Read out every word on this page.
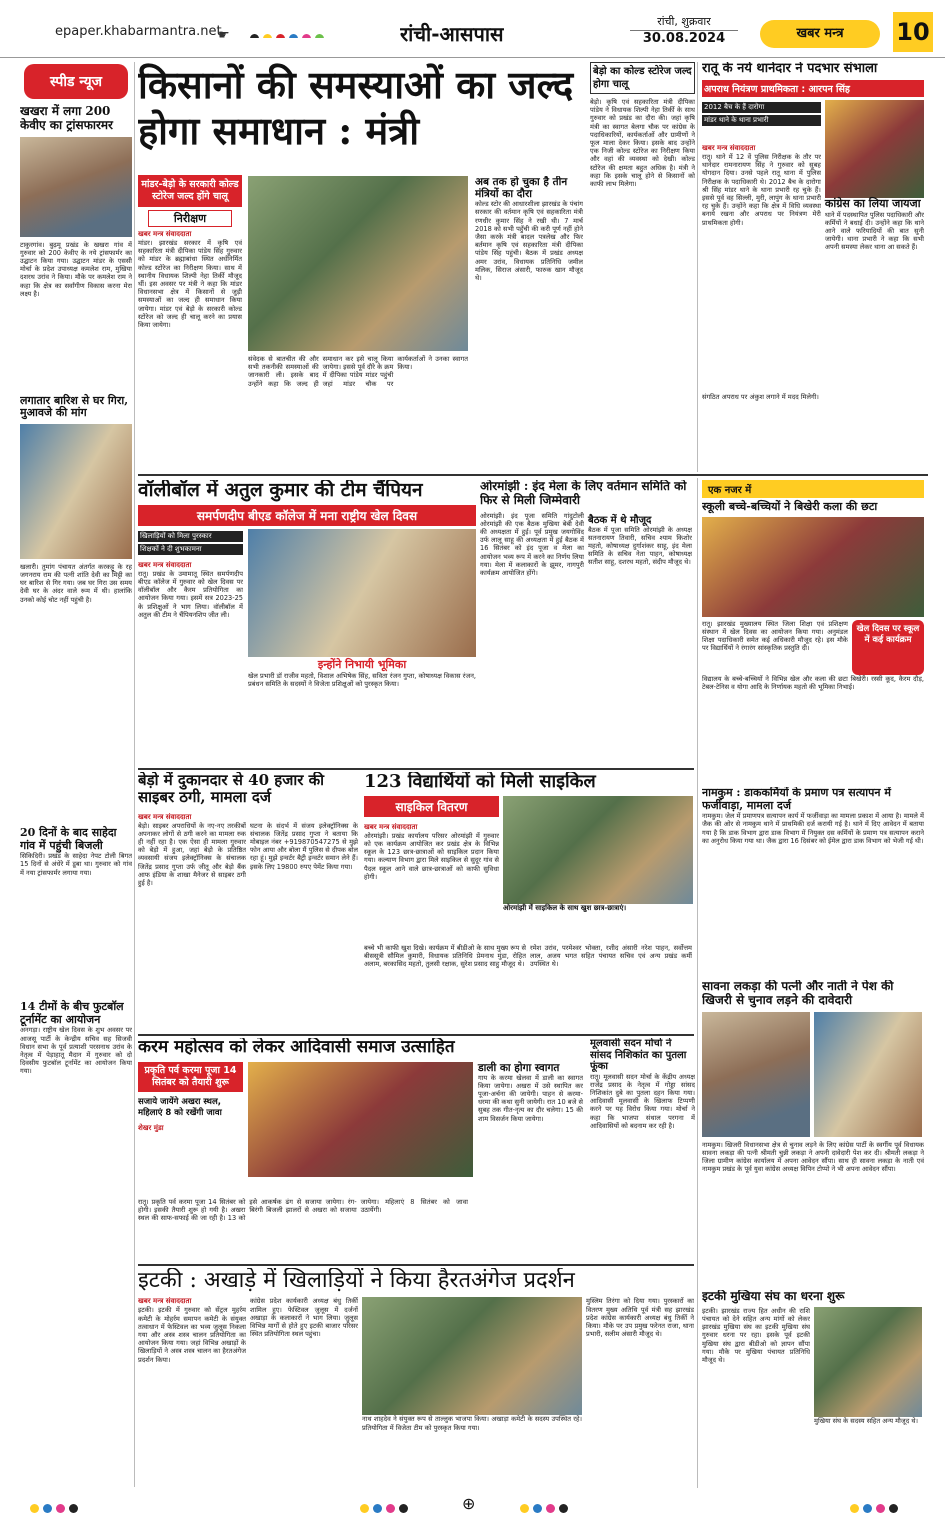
epaper.khabarmantra.net
☛	रांची-आसपास
रांची, शुक्रवार
30.08.2024	खबर मन्त्र	10
स्पीड न्यूज
खखरा में लगा 200 केवीए का ट्रांसफारमर
टाकुरगांव। बुढ़मू प्रखंड के खखरा गांव में गुरुवार को 200 केवीए के नये ट्रांसफार्मर का उद्घाटन किया गया। उद्घाटन मांडर के एससी मोर्चा के प्रदेश उपाध्यक्ष कमलेश राम, मुखिया दशरथ उरांव ने किया। मौके पर कमलेश राम ने कहा कि क्षेत्र का सर्वांगीण विकास करना मेरा लक्ष्य है।
लगातार बारिश से घर गिरा, मुआवजे की मांग
खलारी। तुमांग पंचायत अंतर्गत करकट्टू के रह जगनराय राम की पत्नी शांति देवी का मिट्टी का घर बारिश से गिर गया। जब घर गिरा उस समय देवी घर के अंदर वाले रूम में थी। हालांकि उनको कोई चोट नहीं पहुंची है।
20 दिनों के बाद साहेदा गांव में पहुंची बिजली
सिकिदिरी। प्रखंड के साहेदा नेपट टोली बिगत 15 दिनों से अंधेरे में डूबा था। गुरुवार को गांव में नया ट्रांसफार्मर लगाया गया।
14 टीमों के बीच फुटबॉल टूर्नामेंट का आयोजन
अनगड़ा। राष्ट्रीय खेल दिवस के शुभ अवसर पर आजसू पार्टी के केन्द्रीय सचिव सह सिजवी विधान सभा के पूर्व प्रत्याशी परसनाथ उरांव के नेतृत्व में पेड़ाहातू मैदान में गुरुवार को दो दिवसीय फुटबॉल टूर्नामेंट का आयोजन किया गया।
किसानों की समस्याओं का जल्द होगा समाधान : मंत्री
मांडर-बेड़ो के सरकारी कोल्ड स्टोरेज जल्द होंगे चालू
निरीक्षण
खबर मन्त्र संवाददाता
मांडर। झारखंड सरकार में कृषि एवं सहकारिता मंत्री दीपिका पांडेय सिंह गुरुवार को मांडर के ब्रह्माबांधा स्थित अर्धनिर्मित कोल्ड स्टोरेज का निरीक्षण किया। साथ में स्थानीय विधायक शिल्पी नेहा तिर्की मौजूद थीं। इस अवसर पर मंत्री ने कहा कि मांडर विधानसभा क्षेत्र में किसानों से जुड़ी समस्याओं का जल्द ही समाधान किया जायेगा। मांडर एवं बेड़ो के सरकारी कोल्ड स्टोरेज को जल्द ही चालू करने का प्रयास किया जायेगा।
संवेदक से बातचीत की और सभी तकनीकी समस्याओं की जानकारी ली। इसके बाद उन्होंने कहा कि जल्द ही समाधान कर इसे चालू किया जायेगा। इससे पूर्व दौरे के क्रम में दीपिका पांडेय मांडर पहुंची जहां मांडर चौक पर कार्यकर्ताओं ने उनका स्वागत किया।
अब तक हो चुका है तीन मंत्रियों का दौरा
कोल्ड स्टोर की आधारशीला झारखंड के पंचांग सरकार की वर्तमान कृषि एवं सहकारिता मंत्री रणधीर कुमार सिंह ने रखी थी। 7 मार्च 2018 को सभी पहुँची की करी पूर्ण नहीं होने जैसा करके मंत्री बादल पत्रलेख और फिर बर्तमान कृषि एवं सहकारिता मंत्री दीपिका पांडेय सिंह पहुंची। बैठक में प्रखंड अध्यक्ष अमर उरांव, विधायक प्रतिनिधि जमील मलिक, सिराज अंसारी, फारुक खान मौजूद थे।
बेड़ो का कोल्ड स्टोरेज जल्द होगा चालू
बेड़ो। कृषि एवं सहकारिता मंत्री दीपिका पांडेय ने विधायक शिल्पी नेहा तिर्की के साथ गुरुवार को प्रखंड का दौरा की। जहां कृषि मंत्री का स्वागत बेलगा चौक पर कांग्रेस के पदाधिकारियों, कार्यकर्ताओं और ग्रामीणों ने फूल माला देकर किया। इसके बाद उन्होंने एक निजी कोल्ड स्टोरेज का निरीक्षण किया और वहां की व्यवस्था को देखी। कोल्ड स्टोरेज की क्षमता बहुत अधिक है। मंत्री ने कहा कि इसके चालू होने से किसानों को काफी लाभ मिलेगा।
रातू के नये थानेदार ने पदभार संभाला
अपराध नियंत्रण प्राथमिकता : आरपन सिंह
2012 बैच के हैं दारोगा
मांडर थाने के थाना प्रभारी
खबर मन्त्र संवाददाता
रातू। थाने में 12 वें पुलिस निरीक्षक के तौर पर थानेदार रामनारायण सिंह ने गुरुवार को सुबह योगदान दिया। उनसे पहले रातू थाना में पुलिस निरीक्षक के पदाधिकारी थे। 2012 बैच के दारोगा श्री सिंह मांडर थाने के थाना प्रभारी रह चुके हैं। इससे पूर्व वह सिल्ली, मुरी, लापुंग के थाना प्रभारी रह चुके हैं। उन्होंने कहा कि क्षेत्र में विधि व्यवस्था बनाये रखना और अपराध पर नियंत्रण मेरी प्राथमिकता होगी।
कांग्रेस का लिया जायजा
थाने में पदस्थापित पुलिस पदाधिकारी और कर्मियों ने बधाई दी। उन्होंने कहा कि थाने आने वाले फरियादियों की बात सुनी जायेगी। थाना प्रभारी ने कहा कि सभी अपनी समस्या लेकर थाना आ सकते हैं।
संगठित अपराध पर अंकुश लगाने में मदद मिलेगी।
वॉलीबॉल में अतुल कुमार की टीम चैंपियन
समर्पणदीप बीएड कॉलेज में मना राष्ट्रीय खेल दिवस
खिलाड़ियों को मिला पुरस्कार
शिक्षकों ने दी शुभकामना
खबर मन्त्र संवाददाता
रातू। प्रखंड के उमामातू स्थित समर्पणदीप बीएड कॉलेज में गुरुवार को खेल दिवस पर वॉलीबॉल और कैरम प्रतियोगिता का आयोजन किया गया। इसमें सत्र 2023-25 के प्रशिक्षुओं ने भाग लिया। वॉलीबॉल में अतुल की टीम ने चैंपियनशिप जीत ली।
इन्होंने निभायी भूमिका
खेल प्रभारी डॉ राजीव महतो, विशाल अभिषेक सिंह, सविता रंजन गुप्ता, कोषाध्यक्ष विकास रंजन, प्रबंधन समिति के सदस्यों ने विजेता प्रशिक्षुओं को पुरस्कृत किया।
ओरमांझी : इंद मेला के लिए वर्तमान समिति को फिर से मिली जिम्मेवारी
ओरमांझी। इंद पूजा समिति गांदुटोली ओरमांझी की एक बैठक मुखिया बेबी देवी की अध्यक्षता में हुई। पूर्व प्रमुख जयगोविंद उर्फ लालू साहू की अध्यक्षता में हुई बैठक में 16 सितंबर को इंद पूजा व मेला का आयोजन भव्य रूप में करने का निर्णय लिया गया। मेला में कलाकारों के झूमर, नागपुरी कार्यक्रम आयोजित होंगे।
बैठक में थे मौजूद
बैठक में पूजा समिति ओरमांझी के अध्यक्ष सतनारायण तिवारी, सचिव श्याम किशोर महतो, कोषाध्यक्ष दुर्गाशंकर साहू, इंद मेला समिति के सचिव नेता पाहन, कोषाध्यक्ष सतीश साहू, दशरथ महतो, संदीप मौजूद थे।
एक नजर में
स्कूली बच्चे-बच्चियों ने बिखेरी कला की छटा
रातू। झारखंड मुख्यालय स्थित जिला शिक्षा एवं प्रशिक्षण संस्थान में खेल दिवस का आयोजन किया गया। अनुमंडल शिक्षा पदाधिकारी समेत कई अधिकारी मौजूद रहे। इस मौके पर विद्यार्थियों ने रंगारंग सांस्कृतिक प्रस्तुति दी।
खेल दिवस पर स्कूल में कई कार्यक्रम
विद्यालय के बच्चे-बच्चियों ने विभिन्न खेल और कला की छटा बिखेरी। रस्सी कूद, कैरम दौड़, टेबल-टेनिस व योगा आदि के निर्णायक महतो की भूमिका निभाई।
नामकुम : डाककर्मियों के प्रमाण पत्र सत्यापन में फर्जीवाड़ा, मामला दर्ज
नामकुम। जेल में प्रमाणपत्र सत्यापन कार्य में फर्जीवाड़ा का मामला प्रकाश में आया है। मामले में जैक की ओर से नामकुम थाने में प्राथमिकी दर्ज करायी गई है। थाने में दिए आवेदन में बताया गया है कि डाक विभाग द्वारा डाक विभाग में नियुक्त दस कर्मियों के प्रमाण पत्र सत्यापन कराने का अनुरोध किया गया था। जैक द्वारा 16 दिसंबर को ईमेल द्वारा डाक विभाग को भेजी गई थी।
सावना लकड़ा की पत्नी और नाती ने पेश की खिजरी से चुनाव लड़ने की दावेदारी
नामकुम। खिजरी विधानसभा क्षेत्र से चुनाव लड़ने के लिए कांग्रेस पार्टी के स्वर्गीय पूर्व विधायक सावना लकड़ा की पत्नी श्रीमती चुन्नी लकड़ा ने अपनी दावेदारी पेश कर दी। श्रीमती लकड़ा ने जिला ग्रामीण कांग्रेस कार्यालय में अपना आवेदन सौंपा। साथ ही सावना लकड़ा के नाती एवं नामकुम प्रखंड के पूर्व युवा कांग्रेस अध्यक्ष विपिन टोप्पो ने भी अपना आवेदन सौंपा।
इटकी मुखिया संघ का धरना शुरू
इटकी। झारखंड राज्य हित अधीन की राशि पंचायत को देने सहित अन्य मांगों को लेकर झारखंड मुखिया संघ का इटकी मुखिया संघ गुरुवार धरना पर रहा। इसके पूर्व इटकी मुखिया संघ द्वारा बीडीओ को ज्ञापन सौंपा गया। मौके पर मुखिया पंचायत प्रतिनिधि मौजूद थे।
मुखिया संघ के सदस्य सहित अन्य मौजूद थे।
बेड़ो में दुकानदार से 40 हजार की साइबर ठगी, मामला दर्ज
खबर मन्त्र संवाददाता
बेड़ो। साइबर अपराधियों के नए-नए तरकीबों अपनाकर लोगों से ठगी करने का मामला रुक ही नहीं रहा है। एक ऐसा ही मामला गुरुवार को बेड़ो में हुआ, जहां बेड़ो के प्रतिष्ठित व्यवसायी संजय इलेक्ट्रॉनिक्स के संचालक जितेंद्र प्रसाद गुप्ता उर्फ जीतू और बेड़ो बैंक आफ इंडिया के शाखा मैनेजर से साइबर ठगी हुई है।
घटना के संदर्भ में संजय इलेक्ट्रॉनिक्स के संचालक जितेंद्र प्रसाद गुप्ता ने बताया कि मोबाइल नंबर +919870547275 से मुझे फोन आया और बोला मैं पुलिस से दीपक बोल रहा हूं। मुझे इन्वर्टर बैट्री इन्वर्टर समान लेने हैं। इसके लिए 19800 रुपए पेमेंट किया गया।
123 विद्यार्थियों को मिली साइकिल
साइकिल वितरण
खबर मन्त्र संवाददाता
ओरमांझी। प्रखंड कार्यालय परिसर ओरमांझी में गुरुवार को एक कार्यक्रम आयोजित कर प्रखंड क्षेत्र के विभिन्न स्कूल के 123 छात्र-छात्राओं को साइकिल प्रदान किया गया। कल्याण विभाग द्वारा मिले साइकिल से सुदूर गांव से पैदल स्कूल आने वाले छात्र-छात्राओं को काफी सुविधा होगी।
ओरमांझी में साइकिल के साथ खुश छात्र-छात्राएं।
बच्चे भी काफी खुश दिखे। कार्यक्रम में बीडीओ के साथ मुख्य रूप से बीससूत्री सौमिल कुमारी, विधायक प्रतिनिधि प्रेमनाथ मुंडा, रोहित अलाम, बरकासिद महतो, तुलसी रक्षाक, सुरेश प्रसाद साहु मौजूद थे।
रमेश उरांव, परमेश्वर भोक्ता, रशीद अंसारी नरेश पाहन, सर्वोत्तम लाल, अजय भगत सहित पंचायत सचिव एवं अन्य प्रखंड कर्मी उपस्थित थे।
करम महोत्सव को लेकर आदिवासी समाज उत्साहित
प्रकृति पर्व करमा पूजा 14 सितंबर को तैयारी शुरू
सजाये जायेंगे अखरा स्थल, महिलाएं 8 को रखेंगी जावा
शेखर मुंडा
डाली का होगा स्वागत
गाय के करमा खेलवा में डाली का स्वागत किया जायेगा। अखरा में उसे स्थापित कर पूजा-अर्चना की जायेगी। पाहन से करमा-धरमा की कथा सुनी जायेगी। रात 10 बजे से सुबह तक गीत-नृत्य का दौर चलेगा। 15 की शाम विसर्जन किया जायेगा।
रातू। प्रकृति पर्व करमा पूजा 14 सितंबर को होगी। इसकी तैयारी शुरू हो गयी है। अखरा स्थल की साफ-सफाई की जा रही है। 13 को इसे आकर्षक ढंग से सजाया जायेगा। रंग-बिरंगी बिजली झालरों से अखरा को सजाया जायेगा। महिलाएं 8 सितंबर को जावा उठायेंगी।
मूलवासी सदन मोर्चा ने सांसद निशिकांत का पुतला फूंका
रातू। मूलवासी सदन मोर्चा के केंद्रीय अध्यक्ष राजेंद्र प्रसाद के नेतृत्व में गोड्डा सांसद निशिकांत दुबे का पुतला दहन किया गया। आदिवासी मूलवासी के खिलाफ टिप्पणी करने पर यह विरोध किया गया। मोर्चा ने कहा कि भाजपा संथाल परगना में आदिवासियों को बदनाम कर रही है।
इटकी : अखाड़े में खिलाड़ियों ने किया हैरतअंगेज प्रदर्शन
खबर मन्त्र संवाददाता
इटकी। इटकी में गुरुवार को सेंट्रल मुहर्रम कमेटी के मोहर्रम समापन कमेटी के संयुक्त तत्वाधान में फेस्टिवल का भव्य जुलूस निकला गया और अस्त्र शस्त्र चालन प्रतियोगिता का आयोजन किया गया। जहां विभिन्न अखाड़ों के खिलाड़ियों ने अस्त्र शस्त्र चालन का हैरतअंगेज प्रदर्शन किया।
कांग्रेस प्रदेश कार्यकारी अध्यक्ष बंधु तिर्की शामिल हुए। फेस्टिवल जुलूस में दर्जनों अखाड़ा के कलाकारों ने भाग लिया। जुलूस विभिन्न मार्गों से होते हुए इटकी बाजार परिसर स्थित प्रतियोगिता स्थल पहुंचा।
नाथ शाहदेव ने संयुक्त रूप से ताल्लुक भाजपा किया। अखाड़ा कमेटी के सदस्य उपस्थित रहे। प्रतियोगिता में विजेता टीम को पुरस्कृत किया गया।
मुस्लिम तिरंगा को दिया गया। पुरस्कारों का वितरण मुख्य अतिथि पूर्व मंत्री सह झारखंड प्रदेश कांग्रेस कार्यकारी अध्यक्ष बंधु तिर्की ने किया। मौके पर उप प्रमुख फरेनत राजा, थाना प्रभारी, सलीम अंसारी मौजूद थे।
⊕
